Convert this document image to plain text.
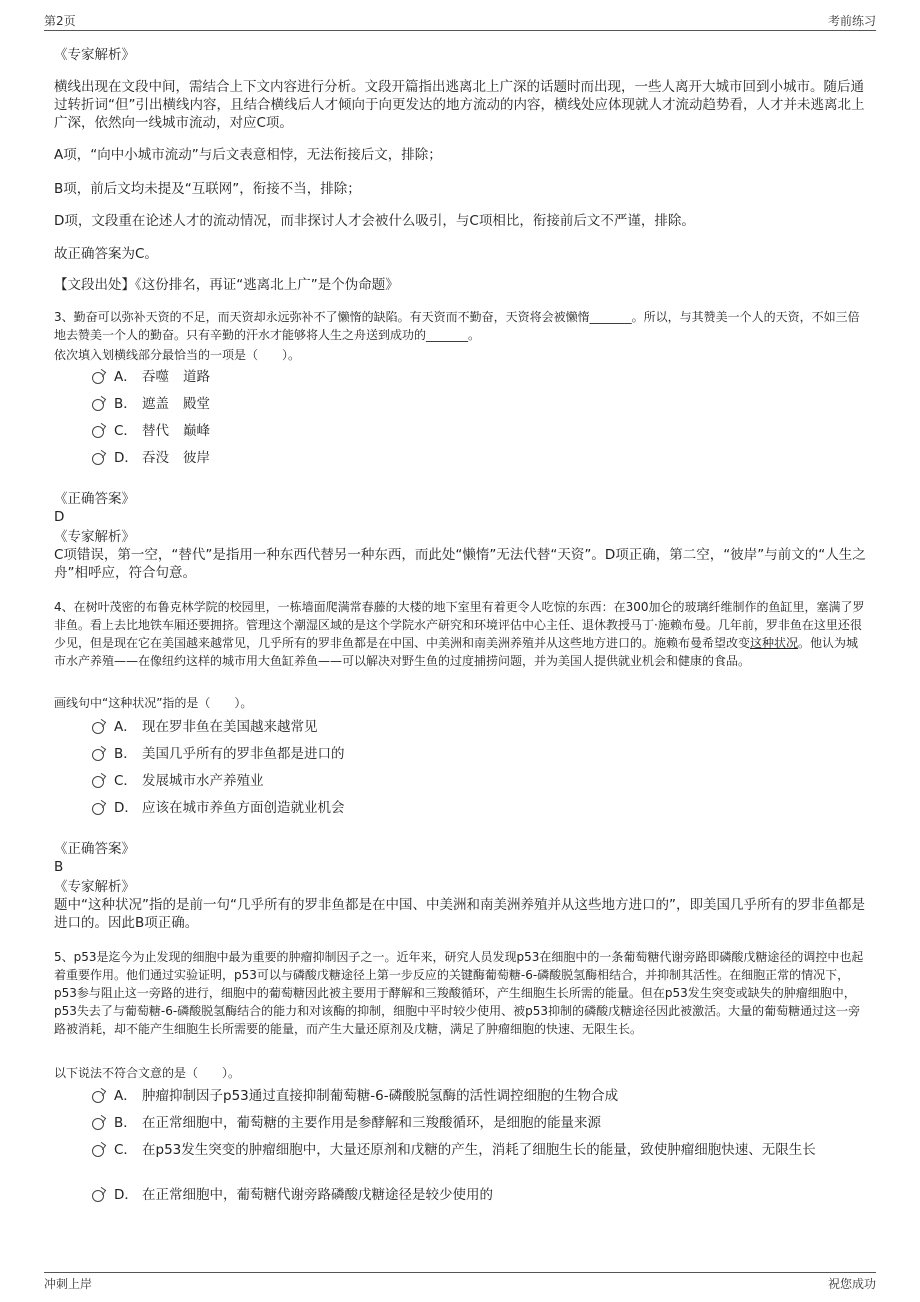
第2页	考前练习
《专家解析》
横线出现在文段中间，需结合上下文内容进行分析。文段开篇指出逃离北上广深的话题时而出现，一些人离开大城市回到小城市。随后通过转折词“但”引出横线内容，且结合横线后人才倾向于向更发达的地方流动的内容，横线处应体现就人才流动趋势看，人才并未逃离北上广深，依然向一线城市流动，对应C项。
A项，“向中小城市流动”与后文表意相悖，无法衔接后文，排除；
B项，前后文均未提及“互联网”，衔接不当，排除；
D项，文段重在论述人才的流动情况，而非探讨人才会被什么吸引，与C项相比，衔接前后文不严谨，排除。
故正确答案为C。
【文段出处】《这份排名，再证“逃离北上广”是个伪命题》
3、勤奋可以弥补天资的不足，而天资却永远弥补不了懒惰的缺陷。有天资而不勤奋，天资将会被懒惰_______。所以，与其赞美一个人的天资，不如三倍地去赞美一个人的勤奋。只有辛勤的汗水才能够将人生之舟送到成功的_______。
依次填入划横线部分最恰当的一项是（　　）。
A． 吞噬 道路
B． 遮盖 殿堂
C． 替代 巅峰
D． 吞没 彼岸
《正确答案》
D
《专家解析》
C项错误，第一空，“替代”是指用一种东西代替另一种东西，而此处“懒惰”无法代替“天资”。D项正确，第二空，“彼岸”与前文的“人生之舟”相呼应，符合句意。
4、在树叶茂密的布鲁克林学院的校园里，一栋墙面爬满常春藤的大楼的地下室里有着更令人吃惊的东西：在300加仑的玻璃纤维制作的鱼缸里，塞满了罗非鱼。看上去比地铁车厢还要拥挤。管理这个潮湿区域的是这个学院水产研究和环境评估中心主任、退休教授马丁·施赖布曼。几年前，罗非鱼在这里还很少见，但是现在它在美国越来越常见，几乎所有的罗非鱼都是在中国、中美洲和南美洲养殖并从这些地方进口的。施赖布曼希望改变这种状况。他认为城市水产养殖——在像纽约这样的城市用大鱼缸养鱼——可以解决对野生鱼的过度捕捞问题，并为美国人提供就业机会和健康的食品。
画线句中“这种状况”指的是（　　）。
A． 现在罗非鱼在美国越来越常见
B． 美国几乎所有的罗非鱼都是进口的
C． 发展城市水产养殖业
D． 应该在城市养鱼方面创造就业机会
《正确答案》
B
《专家解析》
题中“这种状况”指的是前一句“几乎所有的罗非鱼都是在中国、中美洲和南美洲养殖并从这些地方进口的”，即美国几乎所有的罗非鱼都是进口的。因此B项正确。
5、p53是迄今为止发现的细胞中最为重要的肿瘤抑制因子之一。近年来，研究人员发现p53在细胞中的一条葡萄糖代谢旁路即磷酸戊糖途径的调控中也起着重要作用。他们通过实验证明，p53可以与磷酸戊糖途径上第一步反应的关键酶葡萄糖-6-磷酸脱氢酶相结合，并抑制其活性。在细胞正常的情况下，p53参与阻止这一旁路的进行，细胞中的葡萄糖因此被主要用于酵解和三羧酸循环，产生细胞生长所需的能量。但在p53发生突变或缺失的肿瘤细胞中，p53失去了与葡萄糖-6-磷酸脱氢酶结合的能力和对该酶的抑制，细胞中平时较少使用、被p53抑制的磷酸戊糖途径因此被激活。大量的葡萄糖通过这一旁路被消耗，却不能产生细胞生长所需要的能量，而产生大量还原剂及戊糖，满足了肿瘤细胞的快速、无限生长。
以下说法不符合文意的是（　　）。
A． 肿瘤抑制因子p53通过直接抑制葡萄糖-6-磷酸脱氢酶的活性调控细胞的生物合成
B． 在正常细胞中，葡萄糖的主要作用是参酵解和三羧酸循环，是细胞的能量来源
C． 在p53发生突变的肿瘤细胞中，大量还原剂和戊糖的产生，消耗了细胞生长的能量，致使肿瘤细胞快速、无限生长
D． 在正常细胞中，葡萄糖代谢旁路磷酸戊糖途径是较少使用的
冲刺上岸	祝您成功
